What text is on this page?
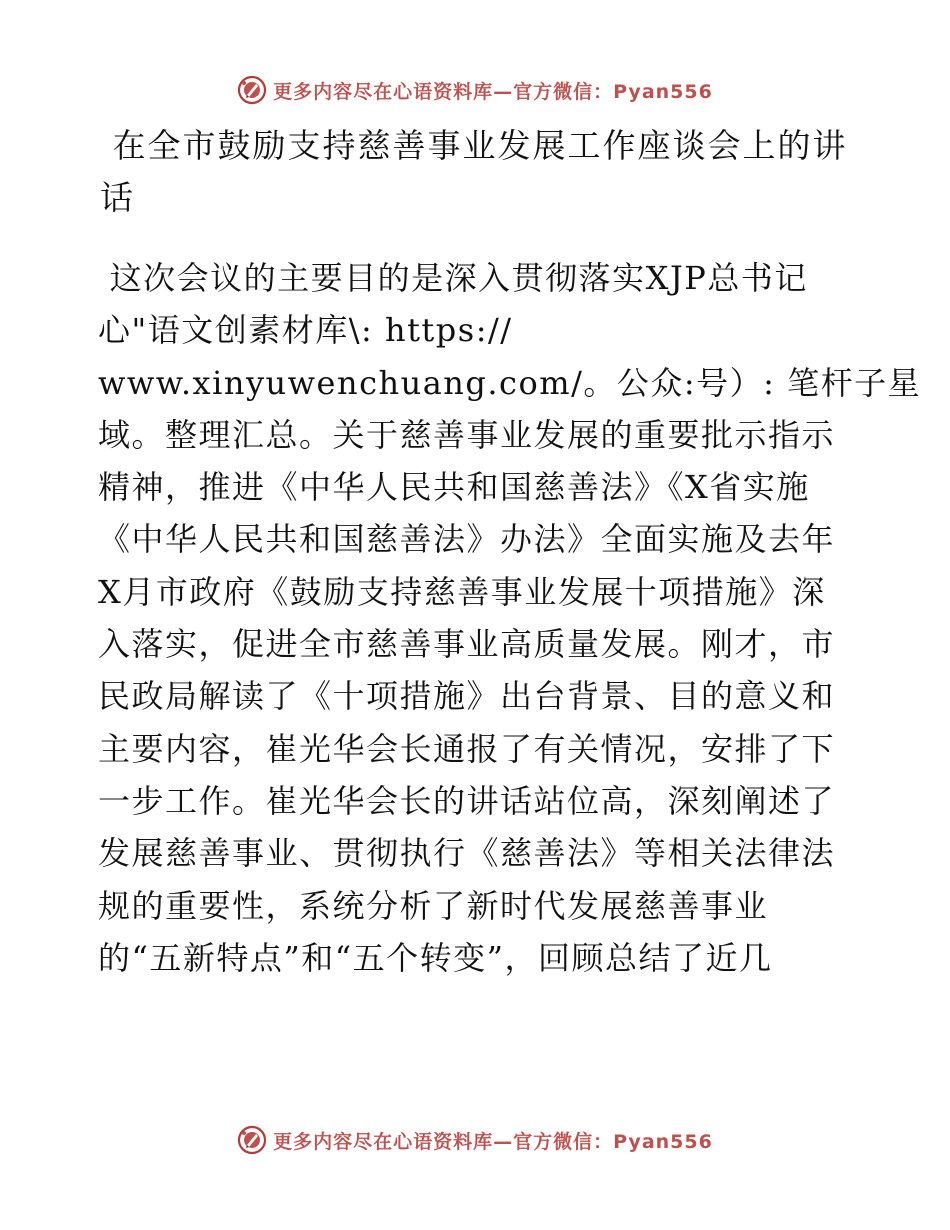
更多内容尽在心语资料库—官方微信：Pyan556
在全市鼓励支持慈善事业发展工作座谈会上的讲
话
这次会议的主要目的是深入贯彻落实XJP总书记
心"语文创素材库\: https://
www.xinyuwenchuang.com/。公众:号）: 笔杆子星
域。整理汇总。关于慈善事业发展的重要批示指示
精神，推进《中华人民共和国慈善法》《X省实施
《中华人民共和国慈善法》办法》全面实施及去年
X月市政府《鼓励支持慈善事业发展十项措施》深
入落实，促进全市慈善事业高质量发展。刚才，市
民政局解读了《十项措施》出台背景、目的意义和
主要内容，崔光华会长通报了有关情况，安排了下
一步工作。崔光华会长的讲话站位高，深刻阐述了
发展慈善事业、贯彻执行《慈善法》等相关法律法
规的重要性，系统分析了新时代发展慈善事业
的“五新特点”和“五个转变”，回顾总结了近几
更多内容尽在心语资料库—官方微信：Pyan556
